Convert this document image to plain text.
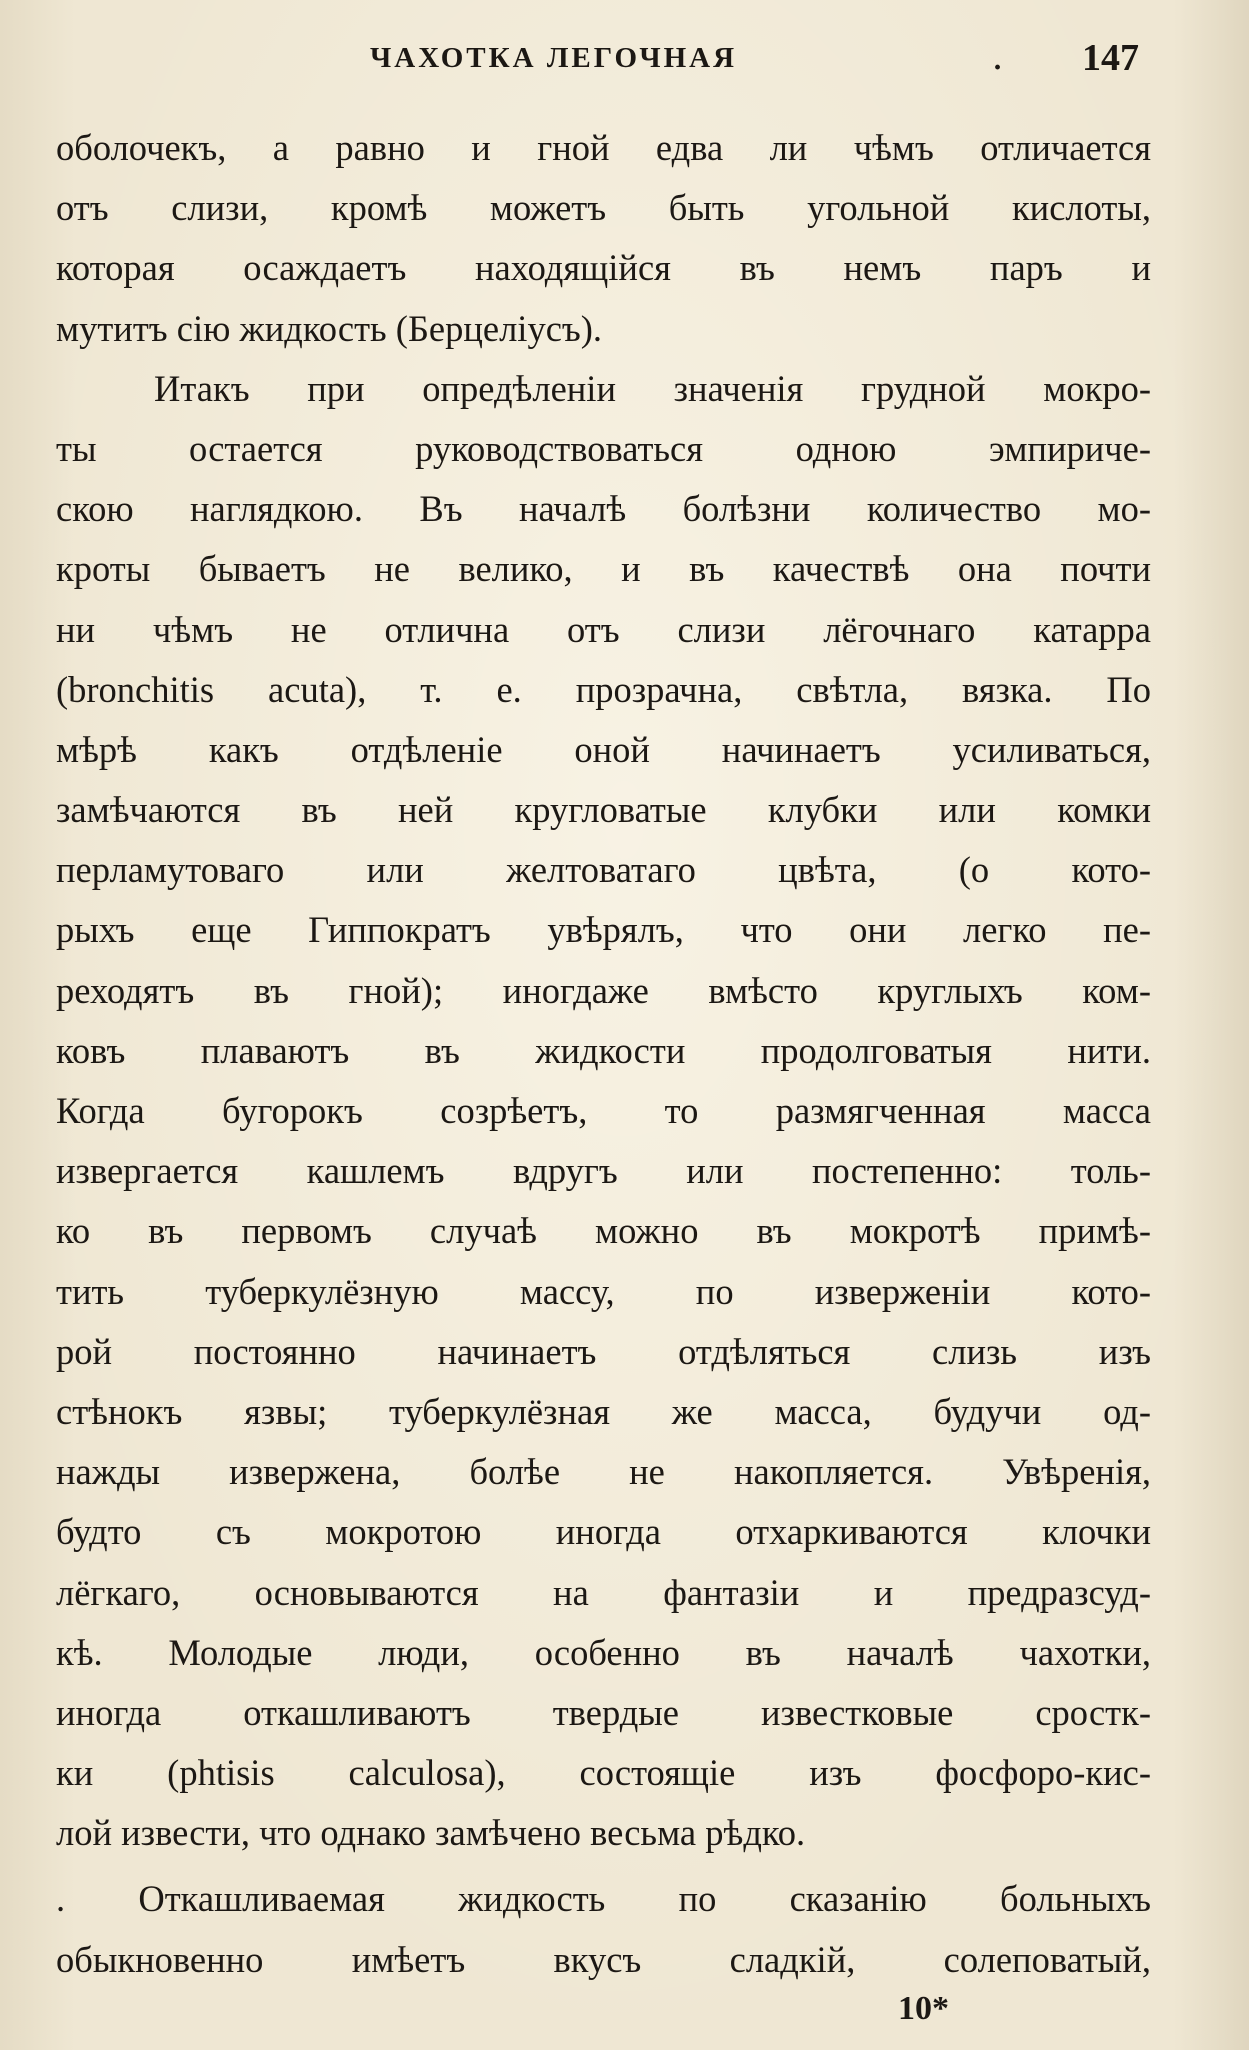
ЧАХОТКА ЛЕГОЧНАЯ	. 147
оболочекъ, а равно и гной едва ли чѣмъ отличается
отъ слизи, кромѣ можетъ быть угольной кислоты,
которая осаждаетъ находящійся въ немъ паръ и
мутитъ сію жидкость (Берцеліусъ).
Итакъ при опредѣленіи значенія грудной мокро-
ты остается руководствоваться одною эмпириче-
скою наглядкою. Въ началѣ болѣзни количество мо-
кроты бываетъ не велико, и въ качествѣ она почти
ни чѣмъ не отлична отъ слизи лёгочнаго катарра
(bronchitis acuta), т. е. прозрачна, свѣтла, вязка. По
мѣрѣ какъ отдѣленіе оной начинаетъ усиливаться,
замѣчаются въ ней кругловатые клубки или комки
перламутоваго или желтоватаго цвѣта, (о кото-
рыхъ еще Гиппократъ увѣрялъ, что они легко пе-
реходятъ въ гной); иногдаже вмѣсто круглыхъ ком-
ковъ плаваютъ въ жидкости продолговатыя нити.
Когда бугорокъ созрѣетъ, то размягченная масса
извергается кашлемъ вдругъ или постепенно: толь-
ко въ первомъ случаѣ можно въ мокротѣ примѣ-
тить туберкулёзную массу, по изверженіи кото-
рой постоянно начинаетъ отдѣляться слизь изъ
стѣнокъ язвы; туберкулёзная же масса, будучи од-
нажды извержена, болѣе не накопляется. Увѣренія,
будто съ мокротою иногда отхаркиваются клочки
лёгкаго, основываются на фантазіи и предразсуд-
кѣ. Молодые люди, особенно въ началѣ чахотки,
иногда откашливаютъ твердые известковые сростк-
ки (phtisis calculosa), состоящіе изъ фосфоро-кис-
лой извести, что однако замѣчено весьма рѣдко.
. Откашливаемая жидкость по сказанію больныхъ
обыкновенно имѣетъ вкусъ сладкій, солеповатый,
10*
